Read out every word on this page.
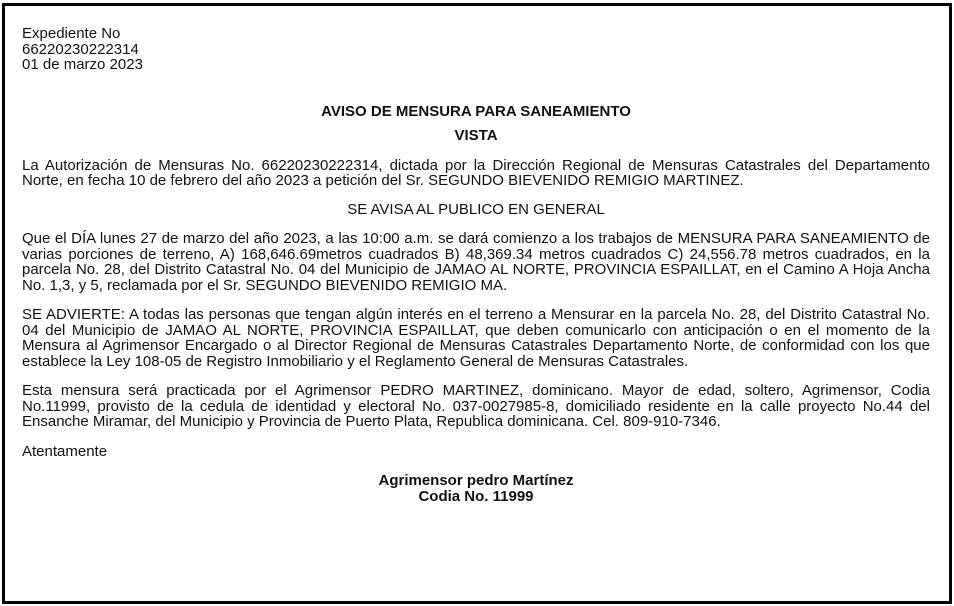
Expediente No

66220230222314

01 de marzo 2023

AVISO DE MENSURA PARA SANEAMIENTO

VISTA

La Autorización de Mensuras No. 66220230222314, dictada por la Dirección Regional de Mensuras Catastrales del Departamento Norte, en fecha 10 de febrero del año 2023 a petición del Sr. SEGUNDO BIEVENIDO REMIGIO MARTINEZ.

SE AVISA AL PUBLICO EN GENERAL

Que el DÍA lunes 27 de marzo del año 2023, a las 10:00 a.m. se dará comienzo a los trabajos de MENSURA PARA SANEAMIENTO de varias porciones de terreno, A) 168,646.69metros cuadrados B) 48,369.34 metros cuadrados C) 24,556.78 metros cuadrados, en la parcela No. 28, del Distrito Catastral No. 04 del Municipio de JAMAO AL NORTE, PROVINCIA ESPAILLAT, en el Camino A Hoja Ancha No. 1,3, y 5, reclamada por el Sr. SEGUNDO BIEVENIDO REMIGIO MA.

SE ADVIERTE: A todas las personas que tengan algún interés en el terreno a Mensurar en la parcela No. 28, del Distrito Catastral No. 04 del Municipio de JAMAO AL NORTE, PROVINCIA ESPAILLAT, que deben comunicarlo con anticipación o en el momento de la Mensura al Agrimensor Encargado o al Director Regional de Mensuras Catastrales Departamento Norte, de conformidad con los que establece la Ley 108-05 de Registro Inmobiliario y el Reglamento General de Mensuras Catastrales.

Esta mensura será practicada por el Agrimensor PEDRO MARTINEZ, dominicano. Mayor de edad, soltero, Agrimensor, Codia No.11999, provisto de la cedula de identidad y electoral No. 037-0027985-8, domiciliado residente en la calle proyecto No.44 del Ensanche Miramar, del Municipio y Provincia de Puerto Plata, Republica dominicana. Cel. 809-910-7346.

Atentamente

Agrimensor pedro Martínez

Codia No. 11999
